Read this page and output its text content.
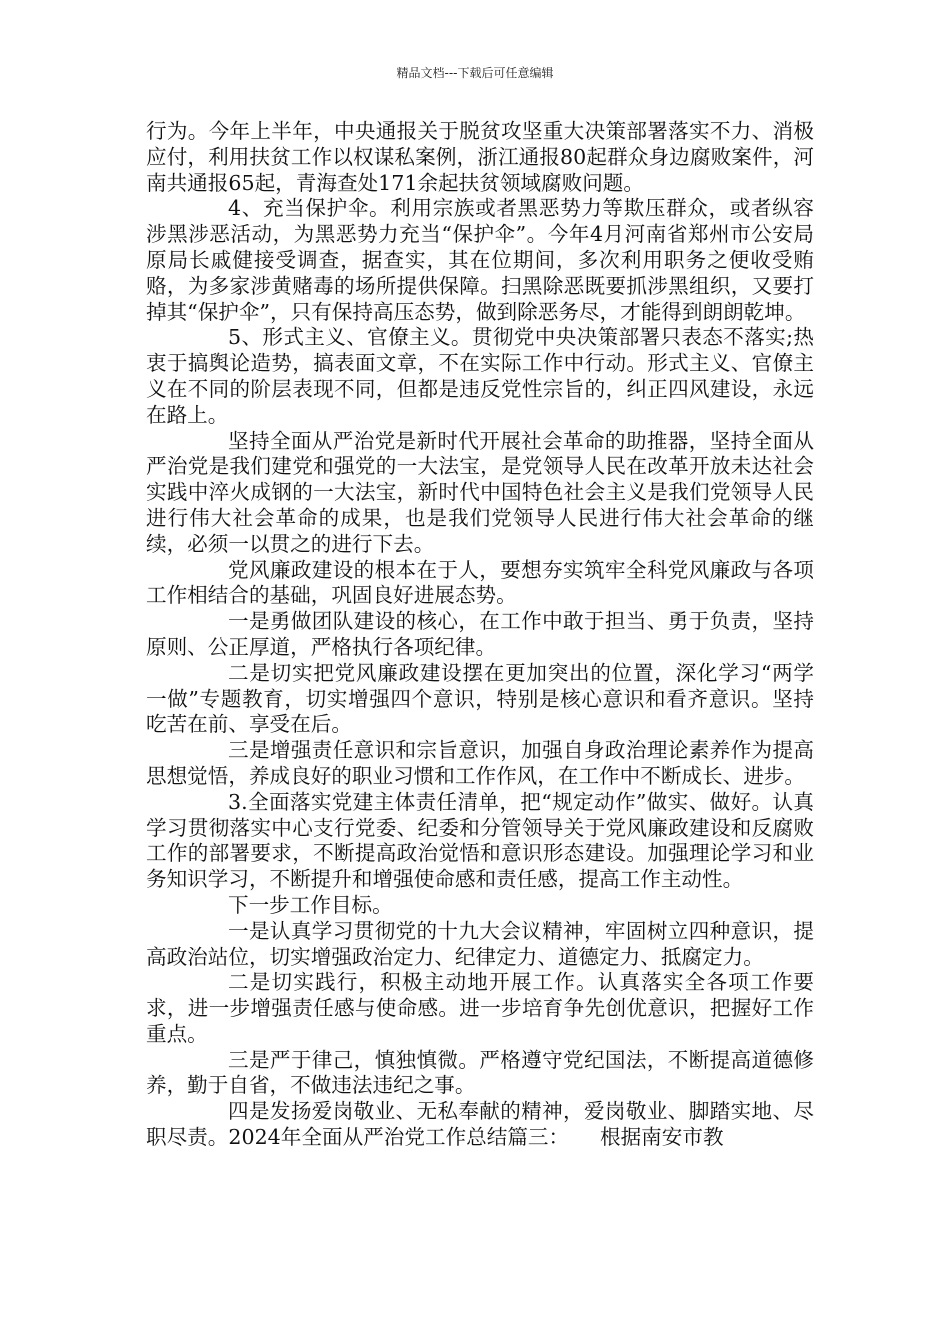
精品文档---下载后可任意编辑

行为。今年上半年，中央通报关于脱贫攻坚重大决策部署落实不力、消极应付，利用扶贫工作以权谋私案例，浙江通报80起群众身边腐败案件，河南共通报65起，青海查处171余起扶贫领域腐败问题。

4、充当保护伞。利用宗族或者黑恶势力等欺压群众，或者纵容涉黑涉恶活动，为黑恶势力充当“保护伞”。今年4月河南省郑州市公安局原局长戚健接受调查，据查实，其在位期间，多次利用职务之便收受贿赂，为多家涉黄赌毒的场所提供保障。扫黑除恶既要抓涉黑组织，又要打掉其“保护伞”，只有保持高压态势，做到除恶务尽，才能得到朗朗乾坤。

5、形式主义、官僚主义。贯彻党中央决策部署只表态不落实;热衷于搞舆论造势，搞表面文章，不在实际工作中行动。形式主义、官僚主义在不同的阶层表现不同，但都是违反党性宗旨的，纠正四风建设，永远在路上。

坚持全面从严治党是新时代开展社会革命的助推器，坚持全面从严治党是我们建党和强党的一大法宝，是党领导人民在改革开放未达社会实践中淬火成钢的一大法宝，新时代中国特色社会主义是我们党领导人民进行伟大社会革命的成果，也是我们党领导人民进行伟大社会革命的继续，必须一以贯之的进行下去。

党风廉政建设的根本在于人，要想夯实筑牢全科党风廉政与各项工作相结合的基础，巩固良好进展态势。

一是勇做团队建设的核心，在工作中敢于担当、勇于负责，坚持原则、公正厚道，严格执行各项纪律。

二是切实把党风廉政建设摆在更加突出的位置，深化学习“两学一做”专题教育，切实增强四个意识，特别是核心意识和看齐意识。坚持吃苦在前、享受在后。

三是增强责任意识和宗旨意识，加强自身政治理论素养作为提高思想觉悟，养成良好的职业习惯和工作作风，在工作中不断成长、进步。

3.全面落实党建主体责任清单，把“规定动作”做实、做好。认真学习贯彻落实中心支行党委、纪委和分管领导关于党风廉政建设和反腐败工作的部署要求，不断提高政治觉悟和意识形态建设。加强理论学习和业务知识学习，不断提升和增强使命感和责任感，提高工作主动性。

下一步工作目标。

一是认真学习贯彻党的十九大会议精神，牢固树立四种意识，提高政治站位，切实增强政治定力、纪律定力、道德定力、抵腐定力。

二是切实践行，积极主动地开展工作。认真落实全各项工作要求，进一步增强责任感与使命感。进一步培育争先创优意识，把握好工作重点。

三是严于律己，慎独慎微。严格遵守党纪国法，不断提高道德修养，勤于自省，不做违法违纪之事。

四是发扬爱岗敬业、无私奉献的精神，爱岗敬业、脚踏实地、尽职尽责。2024年全面从严治党工作总结篇三：　　根据南安市教
